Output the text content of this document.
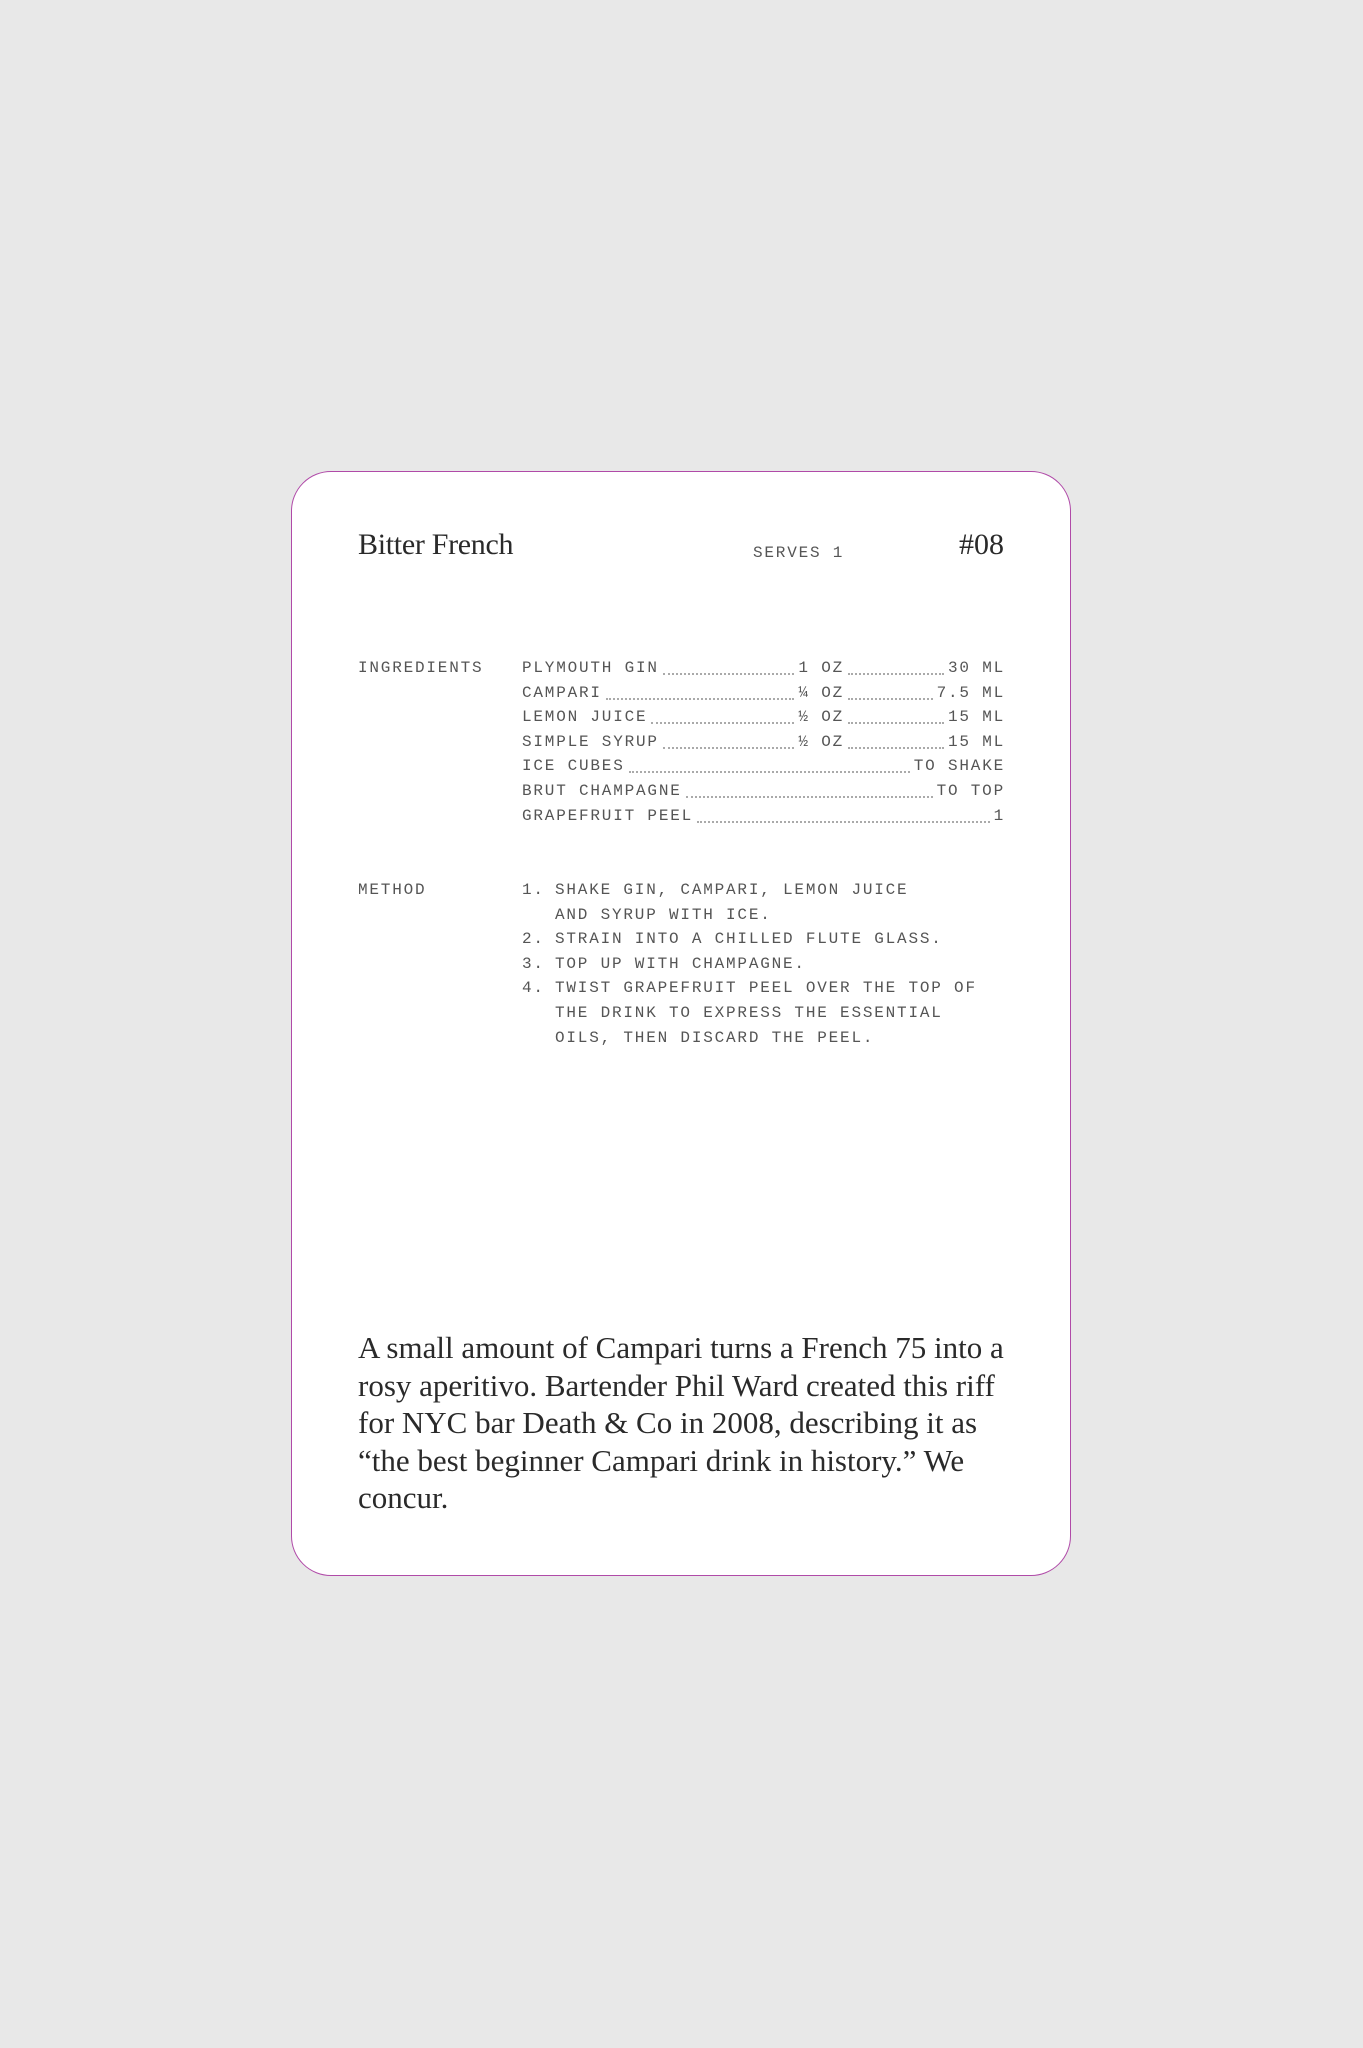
Bitter French	SERVES 1	#08
INGREDIENTS PLYMOUTH GIN	1 OZ	30 ML
CAMPARI	¼ OZ	7.5 ML
LEMON JUICE	½ OZ	15 ML
SIMPLE SYRUP	½ OZ	15 ML
ICE CUBES	TO SHAKE
BRUT CHAMPAGNE	TO TOP
GRAPEFRUIT PEEL	1
METHOD	1. SHAKE GIN, CAMPARI, LEMON JUICE AND SYRUP WITH ICE.
2. STRAIN INTO A CHILLED FLUTE GLASS.
3. TOP UP WITH CHAMPAGNE.
4. TWIST GRAPEFRUIT PEEL OVER THE TOP OF THE DRINK TO EXPRESS THE ESSENTIAL OILS, THEN DISCARD THE PEEL.
A small amount of Campari turns a French 75 into a rosy aperitivo. Bartender Phil Ward created this riff for NYC bar Death & Co in 2008, describing it as “the best beginner Campari drink in history.” We concur.
